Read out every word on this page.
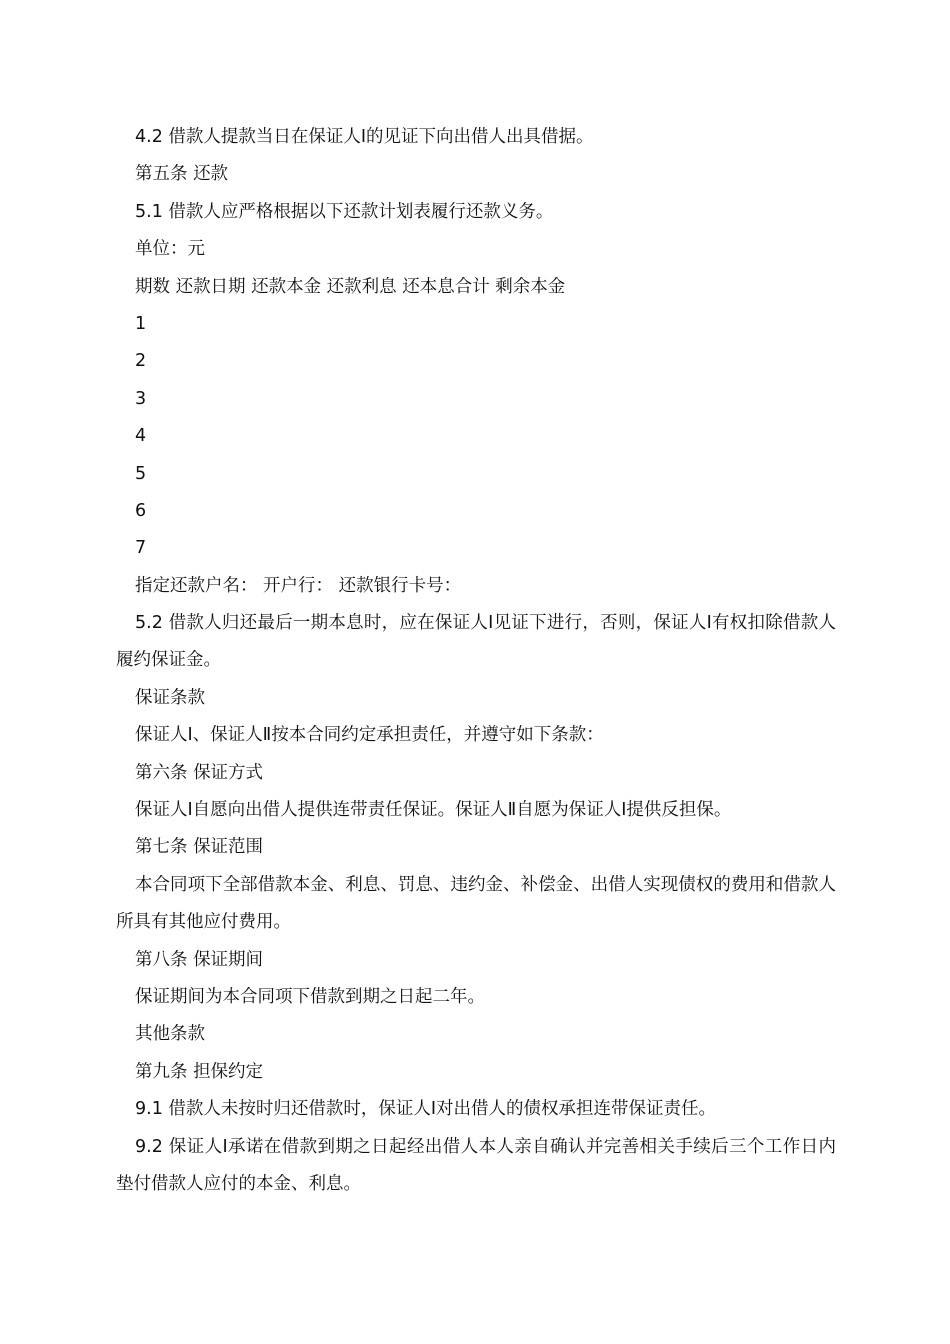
4.2 借款人提款当日在保证人Ⅰ的见证下向出借人出具借据。

第五条 还款

5.1 借款人应严格根据以下还款计划表履行还款义务。

单位：元

期数 还款日期 还款本金 还款利息 还本息合计 剩余本金

1

2

3

4

5

6

7

指定还款户名： 开户行： 还款银行卡号：

5.2 借款人归还最后一期本息时，应在保证人Ⅰ见证下进行，否则，保证人Ⅰ有权扣除借款人履约保证金。

保证条款

保证人Ⅰ、保证人Ⅱ按本合同约定承担责任，并遵守如下条款：

第六条 保证方式

保证人Ⅰ自愿向出借人提供连带责任保证。保证人Ⅱ自愿为保证人Ⅰ提供反担保。

第七条 保证范围

本合同项下全部借款本金、利息、罚息、违约金、补偿金、出借人实现债权的费用和借款人所具有其他应付费用。

第八条 保证期间

保证期间为本合同项下借款到期之日起二年。

其他条款

第九条 担保约定

9.1 借款人未按时归还借款时，保证人Ⅰ对出借人的债权承担连带保证责任。

9.2 保证人Ⅰ承诺在借款到期之日起经出借人本人亲自确认并完善相关手续后三个工作日内垫付借款人应付的本金、利息。
